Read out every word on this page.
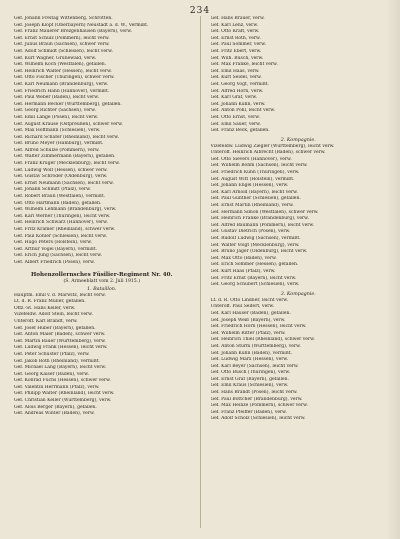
234
Gef. Johann Freitag Wittenberg, Schrotten.
Gef. Joseph Klopf (Oberbayern) Neustadt a. d. W., Vermißt.
Gef. Franz Mauerer Brezgenhausen (Bayern), verw.
Gef. Ernst Schulz (Pommern), leicht verw.
Gef. Julius Braun (Sachsen), schwer verw.
Gef. Adolf Schmidt (Schlesien), leicht verw.
Gef. Kurt Wagner, Grunewald, verw.
Gef. Wilhelm Koch (Westfalen), gefallen.
Gef. Heinrich Walter (Hessen), leicht verw.
Gef. Otto Fischer (Thüringen), schwer verw.
Gef. Karl Neumann (Brandenburg), verw.
Gef. Friedrich Hahn (Hannover), vermißt.
Gef. Paul Weber (Baden), leicht verw.
Gef. Hermann Becker (Württemberg), gefallen.
Gef. Georg Richter (Sachsen), verw.
Gef. Emil Lange (Posen), leicht verw.
Gef. August Krause (Ostpreußen), schwer verw.
Gef. Max Hoffmann (Schlesien), verw.
Gef. Richard Schäfer (Rheinland), leicht verw.
Gef. Bruno Meyer (Hamburg), vermißt.
Gef. Alfred Schulze (Pommern), verw.
Gef. Walter Zimmermann (Bayern), gefallen.
Gef. Franz Krüger (Mecklenburg), leicht verw.
Gef. Ludwig Wolf (Hessen), schwer verw.
Gef. Gustav Schröder (Oldenburg), verw.
Gef. Ernst Neumann (Sachsen), leicht verw.
Gef. Johann Schmitt (Pfalz), verw.
Gef. Robert Braun (Westfalen), vermißt.
Gef. Otto Hartmann (Baden), gefallen.
Gef. Wilhelm Lehmann (Brandenburg), verw.
Gef. Karl Werner (Thüringen), leicht verw.
Gef. Heinrich Schwarz (Hannover), verw.
Gef. Fritz Krämer (Rheinland), schwer verw.
Gef. Paul Köhler (Schlesien), leicht verw.
Gef. Hugo Peters (Holstein), verw.
Gef. Arthur Vogel (Bayern), vermißt.
Gef. Erich Jung (Sachsen), leicht verw.
Gef. Albert Friedrich (Posen), verw.
Hohenzollernsches Füsilier-Regiment Nr. 40.
(S. Armeeblatt vom 2. Juli 1915.)
1. Bataillon.
Hauptm. Emil v. d. Marwitz, leicht verw.
Lt. d. R. Franz Müller, gefallen.
Offz.-St. Hans Keller, verw.
Vizefeldw. Adolf Stein, leicht verw.
Unteroff. Karl Brandt, verw.
Gef. Josef Huber (Bayern), gefallen.
Gef. Anton Maier (Baden), schwer verw.
Gef. Martin Bauer (Württemberg), verw.
Gef. Ludwig Frank (Hessen), leicht verw.
Gef. Peter Schuster (Pfalz), verw.
Gef. Jakob Roth (Rheinland), vermißt.
Gef. Michael Lang (Bayern), leicht verw.
Gef. Georg Kaiser (Baden), verw.
Gef. Konrad Fuchs (Hessen), schwer verw.
Gef. Valentin Herrmann (Pfalz), verw.
Gef. Philipp Walter (Rheinland), leicht verw.
Gef. Christian Keller (Württemberg), verw.
Gef. Alois Berger (Bayern), gefallen.
Gef. Andreas Winter (Baden), verw.
Gef. Hans Brauer, verw.
Gef. Karl Lenz, verw.
Gef. Otto Kraft, verw.
Gef. Ernst Roth, verw.
Gef. Paul Sommer, verw.
Gef. Fritz Ebert, verw.
Gef. Wilh. Busch, verw.
Gef. Max Franke, leicht verw.
Gef. Emil Haas, verw.
Gef. Kurt Seidel, verw.
Gef. Georg Vogt, vermißt.
Gef. Alfred Horn, verw.
Gef. Karl Graf, verw.
Gef. Johann Kuhn, verw.
Gef. Anton Pohl, leicht verw.
Gef. Otto Ernst, verw.
Gef. Emil Sauer, verw.
Gef. Franz Beck, gefallen.
2. Kompagnie.
Vizefeldw. Ludwig Ziegler (Württemberg), leicht verw.
Unteroff. Heinrich Albrecht (Baden), schwer verw.
Gef. Otto Sievers (Hannover), verw.
Gef. Wilhelm Böhm (Sachsen), leicht verw.
Gef. Friedrich Kühn (Thüringen), verw.
Gef. August Witt (Holstein), vermißt.
Gef. Johann Engel (Hessen), verw.
Gef. Karl Arnold (Bayern), leicht verw.
Gef. Paul Günther (Schlesien), gefallen.
Gef. Ernst Martin (Rheinland), verw.
Gef. Hermann Simon (Westfalen), schwer verw.
Gef. Heinrich Franke (Brandenburg), verw.
Gef. Alfred Baumann (Pommern), leicht verw.
Gef. Gustav Dietrich (Posen), verw.
Gef. Rudolf Ludwig (Sachsen), vermißt.
Gef. Walter Voigt (Mecklenburg), verw.
Gef. Bruno Jäger (Oldenburg), leicht verw.
Gef. Max Otto (Baden), verw.
Gef. Erich Sommer (Hessen), gefallen.
Gef. Kurt Haas (Pfalz), verw.
Gef. Fritz Ernst (Bayern), leicht verw.
Gef. Georg Schubert (Schlesien), verw.
3. Kompagnie.
Lt. d. R. Otto Lindner, leicht verw.
Unteroff. Paul Seifert, verw.
Gef. Karl Hauser (Baden), gefallen.
Gef. Joseph Weiß (Bayern), verw.
Gef. Friedrich Horn (Hessen), leicht verw.
Gef. Wilhelm Ritter (Pfalz), verw.
Gef. Heinrich Thiel (Rheinland), schwer verw.
Gef. Anton Sturm (Württemberg), verw.
Gef. Johann Kuhn (Baden), vermißt.
Gef. Ludwig Marx (Hessen), verw.
Gef. Karl Beyer (Sachsen), leicht verw.
Gef. Otto Busch (Thüringen), verw.
Gef. Ernst Graf (Bayern), gefallen.
Gef. Emil Kraus (Schlesien), verw.
Gef. Hans Brandt (Posen), leicht verw.
Gef. Paul Böttcher (Brandenburg), verw.
Gef. Max Heinze (Pommern), schwer verw.
Gef. Franz Pfeiffer (Baden), verw.
Gef. Adolf Scholz (Schlesien), leicht verw.
